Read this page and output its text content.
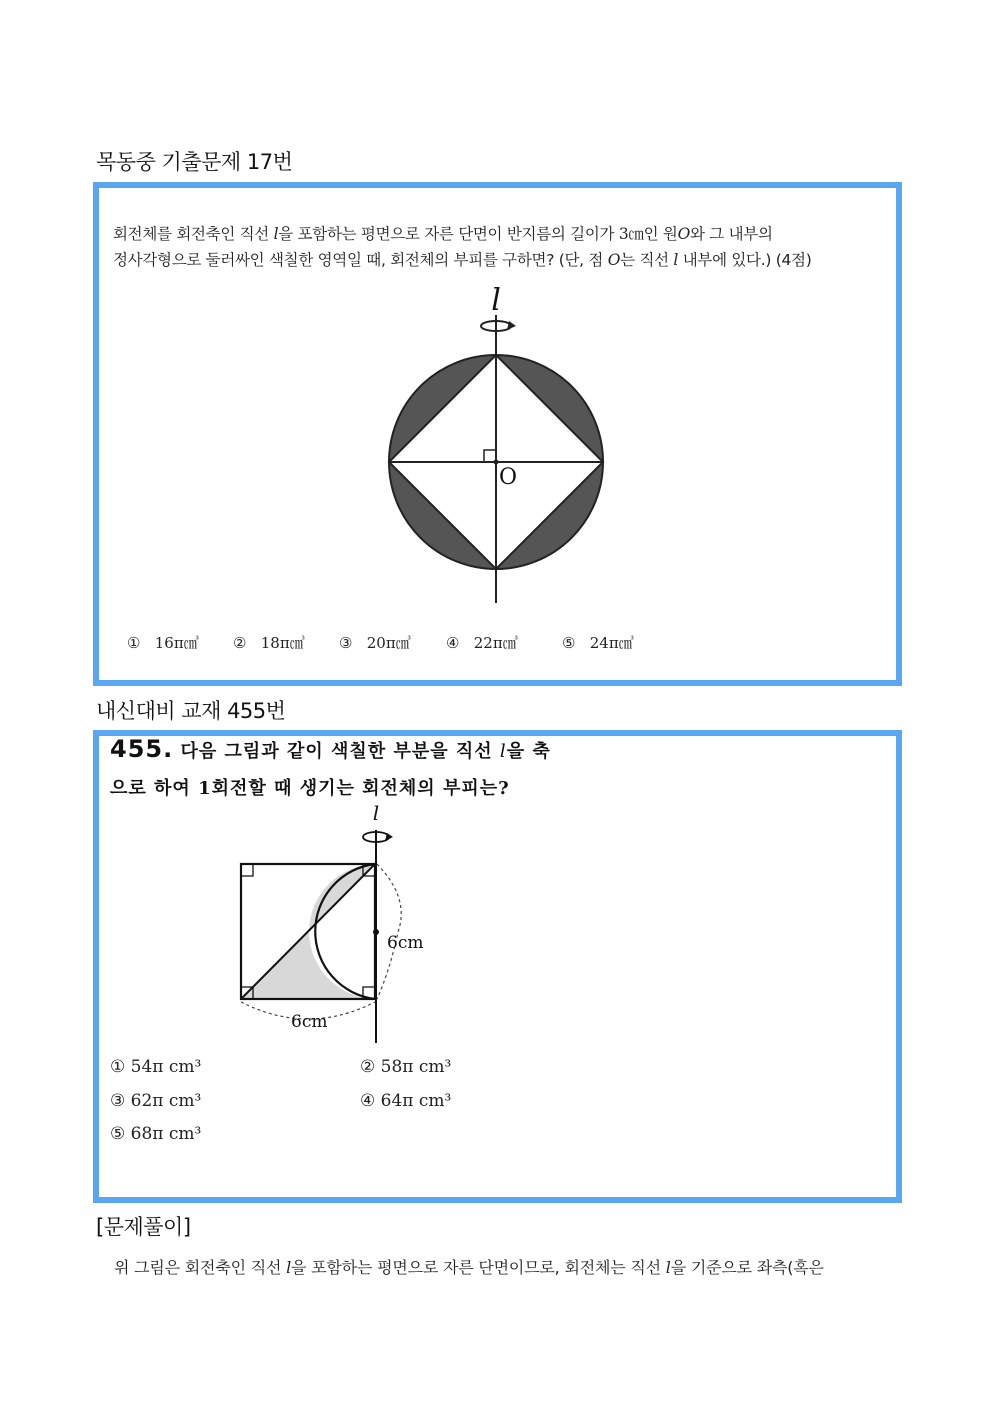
목동중 기출문제 17번
회전체를 회전축인 직선 l을 포함하는 평면으로 자른 단면이 반지름의 길이가 3㎝인 원O와 그 내부의
정사각형으로 둘러싸인 색칠한 영역일 때, 회전체의 부피를 구하면? (단, 점 O는 직선 l 내부에 있다.) (4점)
l
O
① 16π㎤ ② 18π㎤ ③ 20π㎤ ④ 22π㎤	⑤ 24π㎤
내신대비 교재 455번
455. 다음 그림과 같이 색칠한 부분을 직선 l을 축
으로 하여 1회전할 때 생기는 회전체의 부피는?
l
6cm
6cm
① 54π cm³	② 58π cm³
③ 62π cm³	④ 64π cm³
⑤ 68π cm³
[문제풀이]
위 그림은 회전축인 직선 l을 포함하는 평면으로 자른 단면이므로, 회전체는 직선 l을 기준으로 좌측(혹은
